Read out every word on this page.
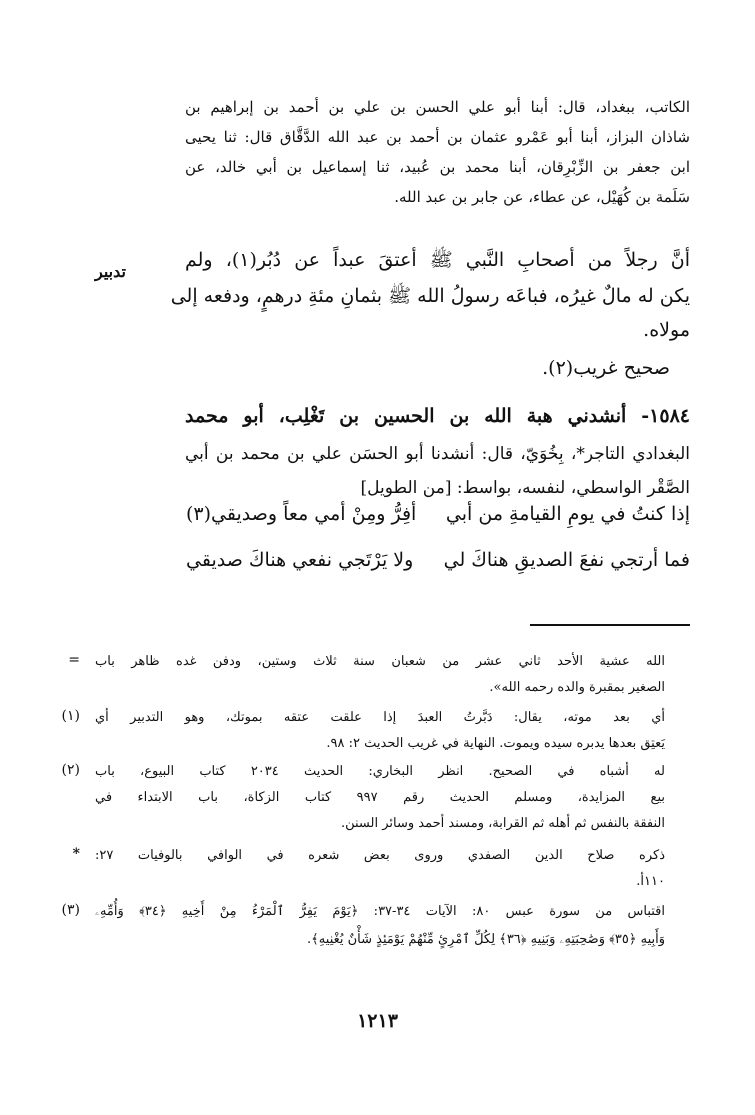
الكاتب، ببغداد، قال: أبنا أبو علي الحسن بن علي بن أحمد بن إبراهيم بن
شاذان البزاز، أبنا أبو عَمْرو عثمان بن أحمد بن عبد الله الدَّقَّاق قال: ثنا يحيى
ابن جعفر بن الزِّبْرِقان، أبنا محمد بن عُبيد، ثنا إسماعيل بن أبي خالد، عن
سَلَمة بن كُهَيْل، عن عطاء، عن جابر بن عبد الله.
أنَّ رجلاً من أصحابِ النَّبي ﷺ أعتقَ عبداً عن دُبُر(١)، ولم
يكن له مالٌ غيرُه، فباعَه رسولُ الله ﷺ بثمانِ مئةِ درهمٍ، ودفعه إلى
مولاه.
تدبير
صحيح غريب(٢).
١٥٨٤- أنشدني هبة الله بن الحسين بن تَغْلِب، أبو محمد
البغدادي التاجر*، بِخُوَيّ، قال: أنشدنا أبو الحسَن علي بن محمد بن أبي
الصَّقْر الواسطي، لنفسه، بواسط: [من الطويل]
إذا كنتُ في يومِ القيامةِ من أبي
أفِرُّ ومِنْ أمي معاً وصديقي(٣)
فما أرتجي نفعَ الصديقِ هناكَ لي
ولا يَرْتَجي نفعي هناكَ صديقي
= الله عشية الأحد ثاني عشر من شعبان سنة ثلاث وستين، ودفن غده ظاهر باب
الصغير بمقبرة والده رحمه الله».
(١) أي بعد موته، يقال: دَبَّرتُ العبدَ إذا علقت عتقه بموتك، وهو التدبير أي
يَعتِق بعدها يدبره سيده ويموت. النهاية في غريب الحديث ٢: ٩٨.
(٢) له أشباه في الصحيح. انظر البخاري: الحديث ٢٠٣٤ كتاب البيوع، باب
بيع المزايدة، ومسلم الحديث رقم ٩٩٧ كتاب الزكاة، باب الابتداء في
النفقة بالنفس ثم أهله ثم القرابة، ومسند أحمد وسائر السنن.
* ذكره صلاح الدين الصفدي وروى بعض شعره في الوافي بالوفيات ٢٧:
١١٠أ.
(٣) اقتباس من سورة عبس ٨٠: الآيات ٣٤-٣٧: ﴿يَوْمَ يَفِرُّ ٱلْمَرْءُ مِنْ أَخِيهِ ﴿٣٤﴾ وَأُمِّهِۦ
وَأَبِيهِ ﴿٣٥﴾ وَصَٰحِبَتِهِۦ وَبَنِيهِ ﴿٣٦﴾ لِكُلِّ ٱمْرِئٍ مِّنْهُمْ يَوْمَئِذٍ شَأْنٌ يُغْنِيهِ﴾.
١٢١٣
